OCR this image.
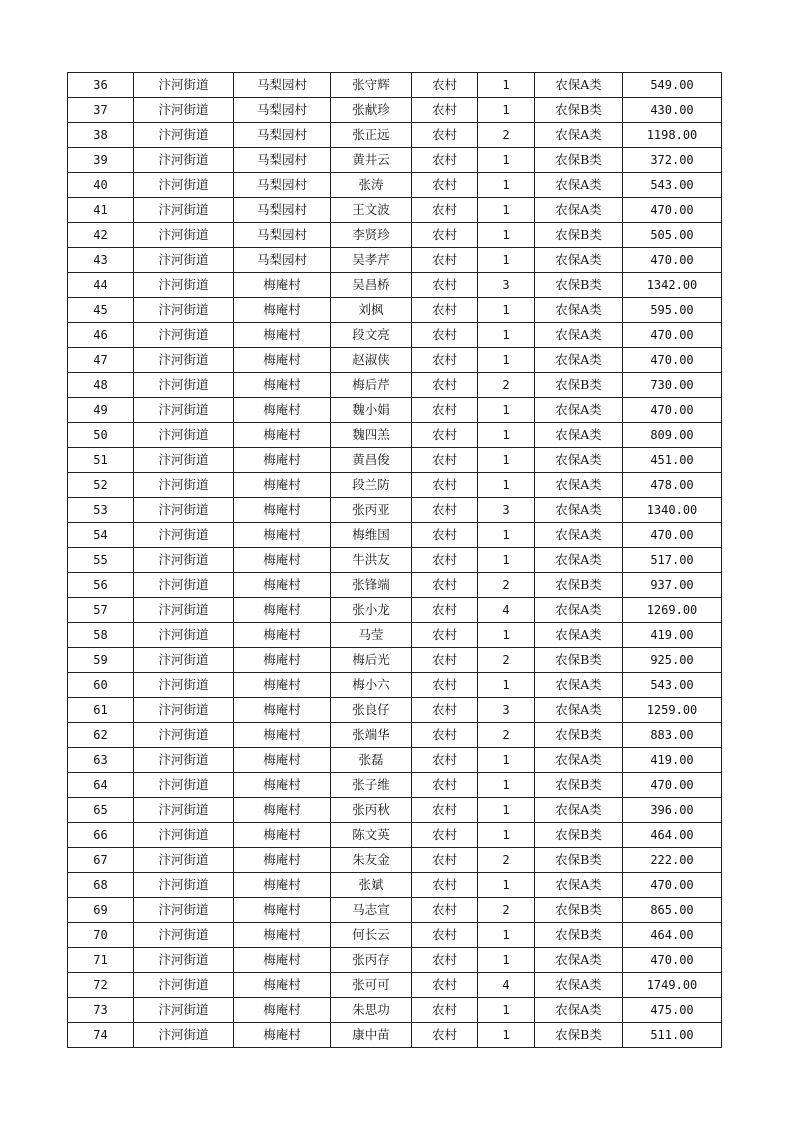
36	汴河街道	马梨园村	张守辉	农村	1	农保A类	549.00
37	汴河街道	马梨园村	张献珍	农村	1	农保B类	430.00
38	汴河街道	马梨园村	张正远	农村	2	农保A类	1198.00
39	汴河街道	马梨园村	黄井云	农村	1	农保B类	372.00
40	汴河街道	马梨园村	张涛	农村	1	农保A类	543.00
41	汴河街道	马梨园村	王文波	农村	1	农保A类	470.00
42	汴河街道	马梨园村	李贤珍	农村	1	农保B类	505.00
43	汴河街道	马梨园村	吴孝芹	农村	1	农保A类	470.00
44	汴河街道	梅庵村	吴昌桥	农村	3	农保B类	1342.00
45	汴河街道	梅庵村	刘枫	农村	1	农保A类	595.00
46	汴河街道	梅庵村	段文亮	农村	1	农保A类	470.00
47	汴河街道	梅庵村	赵淑侠	农村	1	农保A类	470.00
48	汴河街道	梅庵村	梅后芹	农村	2	农保B类	730.00
49	汴河街道	梅庵村	魏小娟	农村	1	农保A类	470.00
50	汴河街道	梅庵村	魏四羔	农村	1	农保A类	809.00
51	汴河街道	梅庵村	黄昌俊	农村	1	农保A类	451.00
52	汴河街道	梅庵村	段兰防	农村	1	农保A类	478.00
53	汴河街道	梅庵村	张丙亚	农村	3	农保A类	1340.00
54	汴河街道	梅庵村	梅维国	农村	1	农保A类	470.00
55	汴河街道	梅庵村	牛洪友	农村	1	农保A类	517.00
56	汴河街道	梅庵村	张锋端	农村	2	农保B类	937.00
57	汴河街道	梅庵村	张小龙	农村	4	农保A类	1269.00
58	汴河街道	梅庵村	马莹	农村	1	农保A类	419.00
59	汴河街道	梅庵村	梅后光	农村	2	农保B类	925.00
60	汴河街道	梅庵村	梅小六	农村	1	农保A类	543.00
61	汴河街道	梅庵村	张良仔	农村	3	农保A类	1259.00
62	汴河街道	梅庵村	张端华	农村	2	农保B类	883.00
63	汴河街道	梅庵村	张磊	农村	1	农保A类	419.00
64	汴河街道	梅庵村	张子维	农村	1	农保B类	470.00
65	汴河街道	梅庵村	张丙秋	农村	1	农保A类	396.00
66	汴河街道	梅庵村	陈文英	农村	1	农保B类	464.00
67	汴河街道	梅庵村	朱友金	农村	2	农保B类	222.00
68	汴河街道	梅庵村	张斌	农村	1	农保A类	470.00
69	汴河街道	梅庵村	马志宣	农村	2	农保B类	865.00
70	汴河街道	梅庵村	何长云	农村	1	农保B类	464.00
71	汴河街道	梅庵村	张丙存	农村	1	农保A类	470.00
72	汴河街道	梅庵村	张可可	农村	4	农保A类	1749.00
73	汴河街道	梅庵村	朱思功	农村	1	农保A类	475.00
74	汴河街道	梅庵村	康中苗	农村	1	农保B类	511.00
